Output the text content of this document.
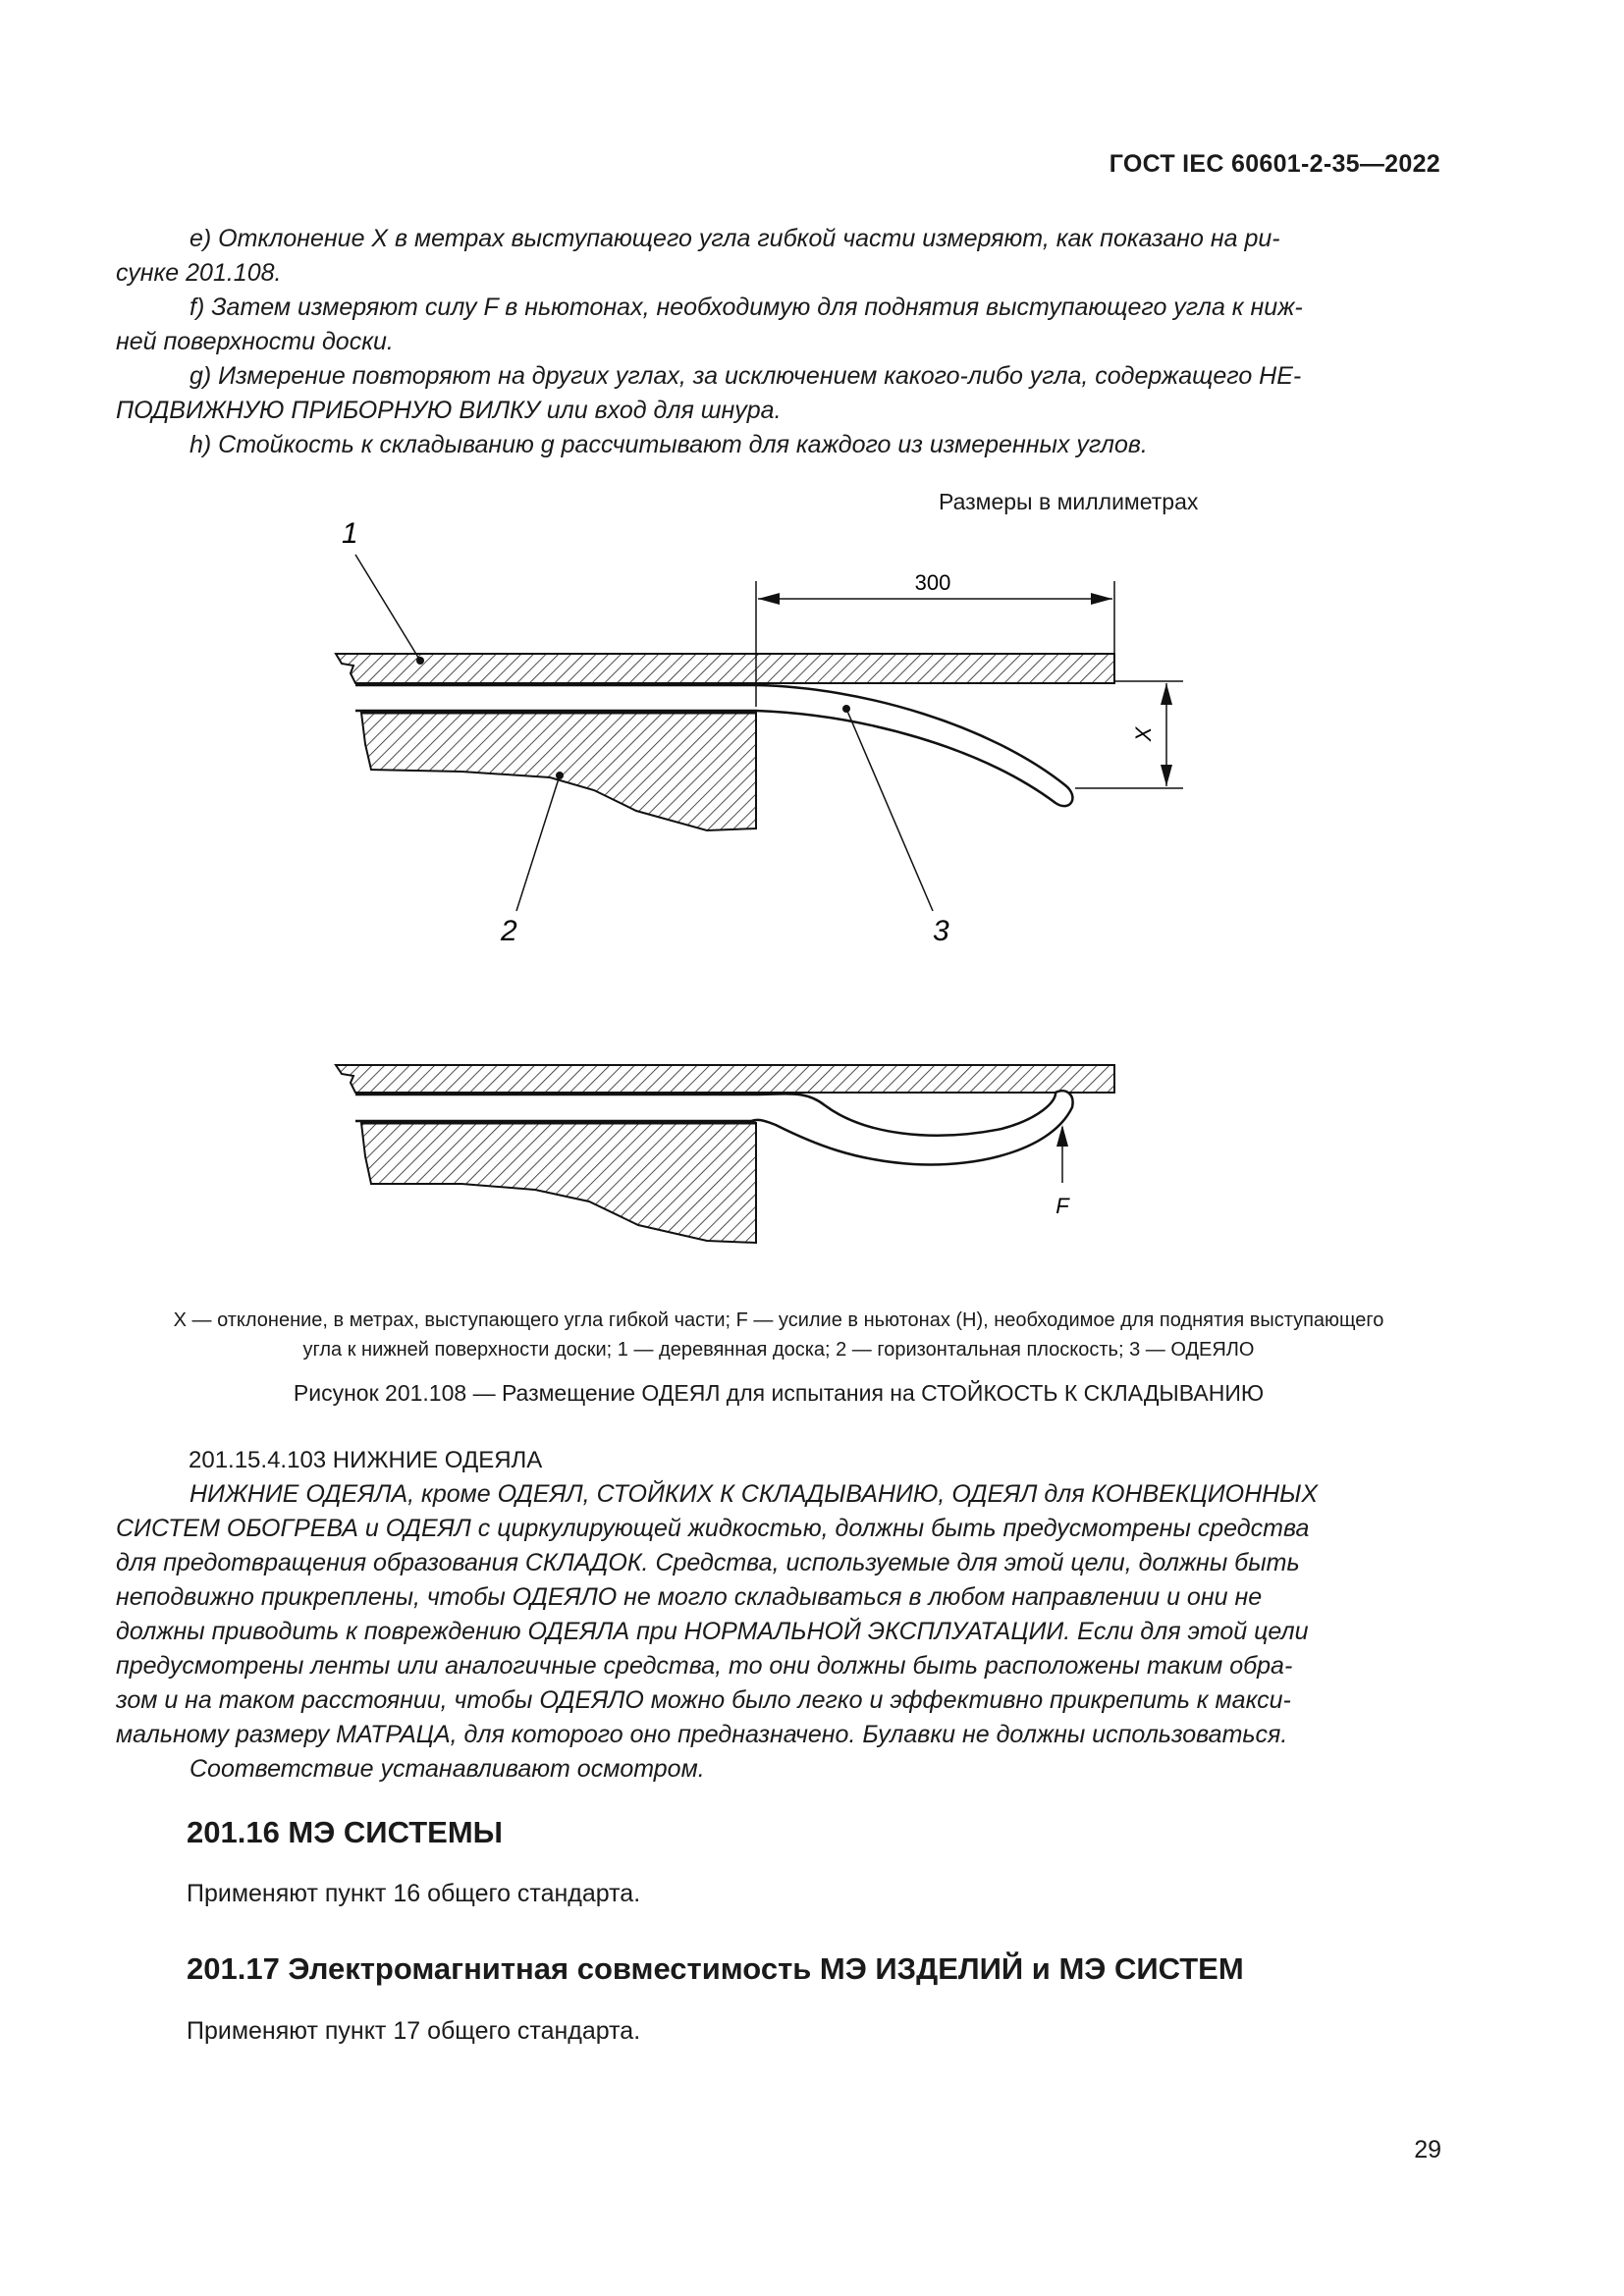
ГОСТ IEC 60601-2-35—2022

e) Отклонение X в метрах выступающего угла гибкой части измеряют, как показано на ри-

сунке 201.108.

f) Затем измеряют силу F в ньютонах, необходимую для поднятия выступающего угла к ниж-

ней поверхности доски.

g) Измерение повторяют на других углах, за исключением какого-либо угла, содержащего НЕ-

ПОДВИЖНУЮ ПРИБОРНУЮ ВИЛКУ или вход для шнура.

h) Стойкость к складыванию g рассчитывают для каждого из измеренных углов.

Размеры в миллиметрах
300
X
1
2	3
F
X — отклонение, в метрах, выступающего угла гибкой части; F — усилие в ньютонах (Н), необходимое для поднятия выступающего
угла к нижней поверхности доски; 1 — деревянная доска; 2 — горизонтальная плоскость; 3 — ОДЕЯЛО
Рисунок 201.108 — Размещение ОДЕЯЛ для испытания на СТОЙКОСТЬ К СКЛАДЫВАНИЮ
201.15.4.103 НИЖНИЕ ОДЕЯЛА

НИЖНИЕ ОДЕЯЛА, кроме ОДЕЯЛ, СТОЙКИХ К СКЛАДЫВАНИЮ, ОДЕЯЛ для КОНВЕКЦИОННЫХ

СИСТЕМ ОБОГРЕВА и ОДЕЯЛ с циркулирующей жидкостью, должны быть предусмотрены средства

для предотвращения образования СКЛАДОК. Средства, используемые для этой цели, должны быть

неподвижно прикреплены, чтобы ОДЕЯЛО не могло складываться в любом направлении и они не

должны приводить к повреждению ОДЕЯЛА при НОРМАЛЬНОЙ ЭКСПЛУАТАЦИИ. Если для этой цели

предусмотрены ленты или аналогичные средства, то они должны быть расположены таким обра-

зом и на таком расстоянии, чтобы ОДЕЯЛО можно было легко и эффективно прикрепить к макси-

мальному размеру МАТРАЦА, для которого оно предназначено. Булавки не должны использоваться.

Соответствие устанавливают осмотром.

201.16 МЭ СИСТЕМЫ
Применяют пункт 16 общего стандарта.
201.17 Электромагнитная совместимость МЭ ИЗДЕЛИЙ и МЭ СИСТЕМ
Применяют пункт 17 общего стандарта.
29
